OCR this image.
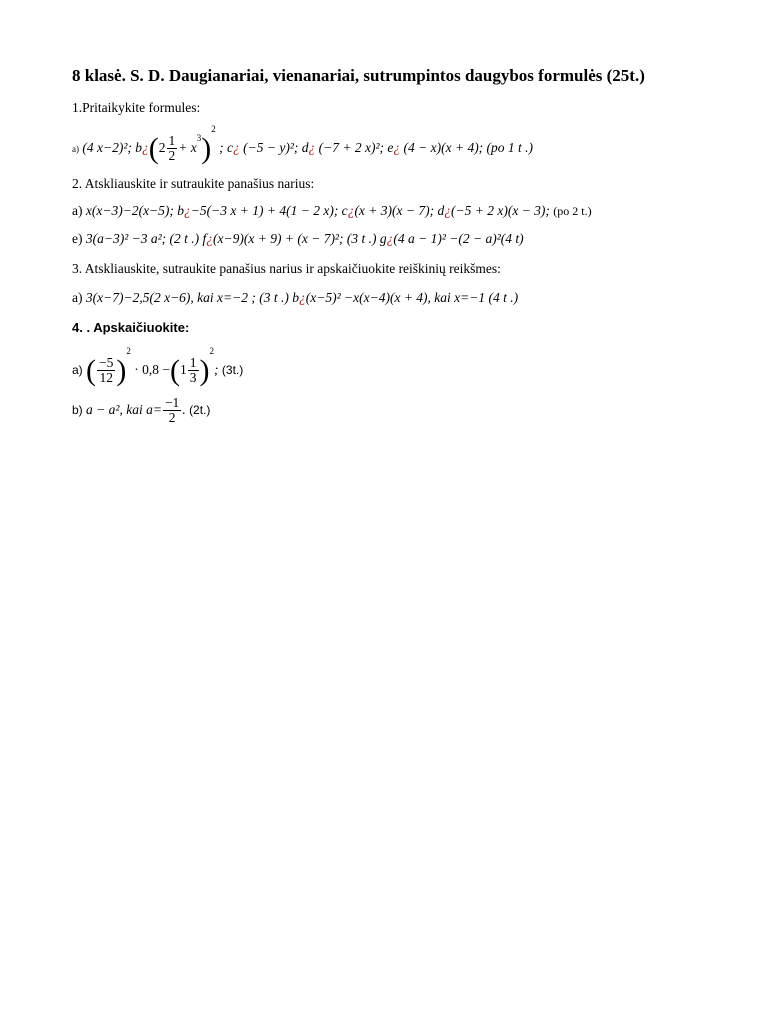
8 klasė. S. D. Daugianariai, vienanariai, sutrumpintos daugybos formulės (25t.)
1.Pritaikykite formules:
a) (4 x−2)²; b¿(2 $\frac{1}{2} + x^3)^2$ ; c¿ (−5 − y)²; d¿ (−7 + 2 x)²; e¿ (4 − x)(x + 4); (po 1 t .)
2. Atskliauskite ir sutraukite panašius narius:
a) x(x−3)−2(x−5); b¿−5(−3 x + 1) + 4(1 − 2 x); c¿(x + 3)(x − 7); d¿(−5 + 2 x)(x − 3); (po 2 t.)
e) 3(a−3)² −3 a²; (2 t .) f¿(x−9)(x + 9) + (x − 7)²; (3 t .) g¿(4 a − 1)² −(2 − a)²(4 t)
3. Atskliauskite, sutraukite panašius narius ir apskaičiuokite reiškinių reikšmes:
a) 3(x−7)−2,5(2 x−6), kai x=−2 ; (3 t .) b¿(x−5)² −x(x−4)(x + 4), kai x=−1 (4 t .)
4. . Apskaičiuokite:
a) ( $\frac{-5}{12} )^2 \cdot 0,8 -(1 \frac{1}{3} )^2$; (3t.)
b) a − a², kai $a= \frac{-1}{2}$ . (2t.)
